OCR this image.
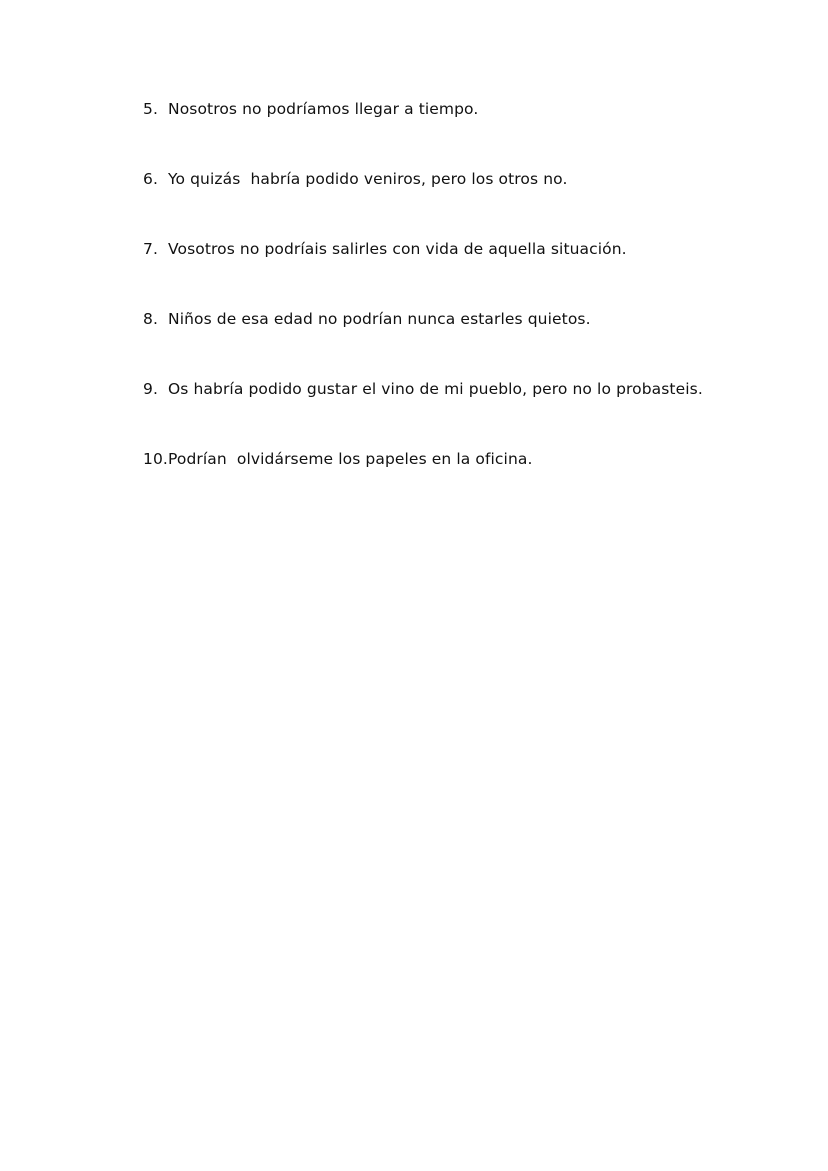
5. Nosotros no podríamos llegar a tiempo.
6. Yo quizás  habría podido veniros, pero los otros no.
7. Vosotros no podríais salirles con vida de aquella situación.
8. Niños de esa edad no podrían nunca estarles quietos.
9. Os habría podido gustar el vino de mi pueblo, pero no lo probasteis.
10. Podrían  olvidárseme los papeles en la oficina.
